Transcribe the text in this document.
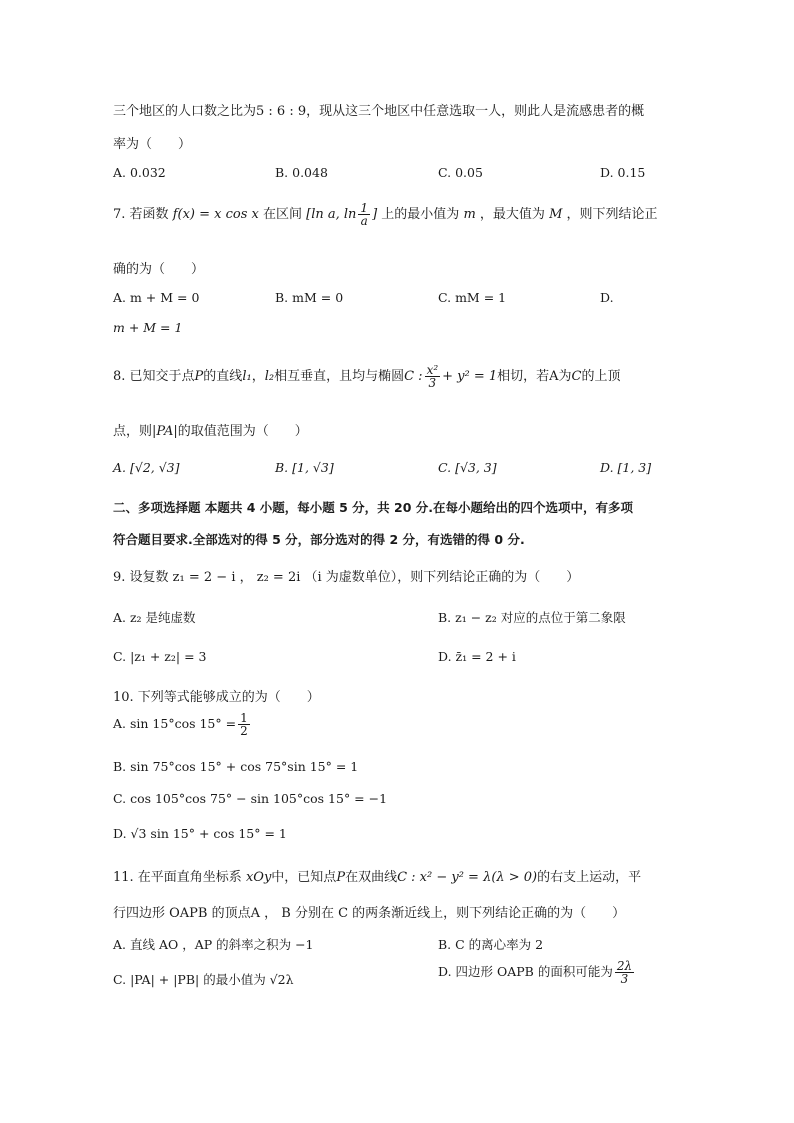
三个地区的人口数之比为5 : 6 : 9，现从这三个地区中任意选取一人，则此人是流感患者的概
率为（　　）
A. 0.032	B. 0.048	C. 0.05	D. 0.15
7. 若函数 f(x) = x cos x 在区间 [ln a, $\ln \frac{1}{a}$ ] 上的最小值为 m ，最大值为 M ，则下列结论正
确的为（　　）
A. m + M = 0	B. mM = 0	C. mM = 1	D.
m + M = 1
8. 已知交于点P的直线l₁，l₂相互垂直，且均与椭圆C : $\frac{\text{x²}}{3} + y^2 = 1$相切，若A为C的上顶
点，则|PA|的取值范围为（　　）
A. [√2, √3]	B. [1, √3]	C. [√3, 3]	D. [1, 3]
二、多项选择题 本题共 4 小题，每小题 5 分，共 20 分.在每小题给出的四个选项中，有多项
符合题目要求.全部选对的得 5 分，部分选对的得 2 分，有选错的得 0 分.
9. 设复数 z₁ = 2 − i ， z₂ = 2i （i 为虚数单位），则下列结论正确的为（　　）
A. z₂ 是纯虚数	B. z₁ − z₂ 对应的点位于第二象限
C. |z₁ + z₂| = 3	D. z̄₁ = 2 + i
10. 下列等式能够成立的为（　　）
A. sin 15°cos $15^\circ = \frac{1}{2}$
B. sin 75°cos 15° + cos 75°sin 15° = 1
C. cos 105°cos 75° − sin 105°cos 15° = −1
D. √3 sin 15° + cos 15° = 1
11. 在平面直角坐标系 xOy中，已知点P在双曲线C : x² − y² = λ(λ > 0)的右支上运动，平
行四边形 OAPB 的顶点A ， B 分别在 C 的两条渐近线上，则下列结论正确的为（　　）
A. 直线 AO ，AP 的斜率之积为 −1	B. C 的离心率为 2
C. |PA| + |PB| 的最小值为 √2λ
D. 四边形 OAPB 的面积可能为 $\frac{2\lambda}{3}$
